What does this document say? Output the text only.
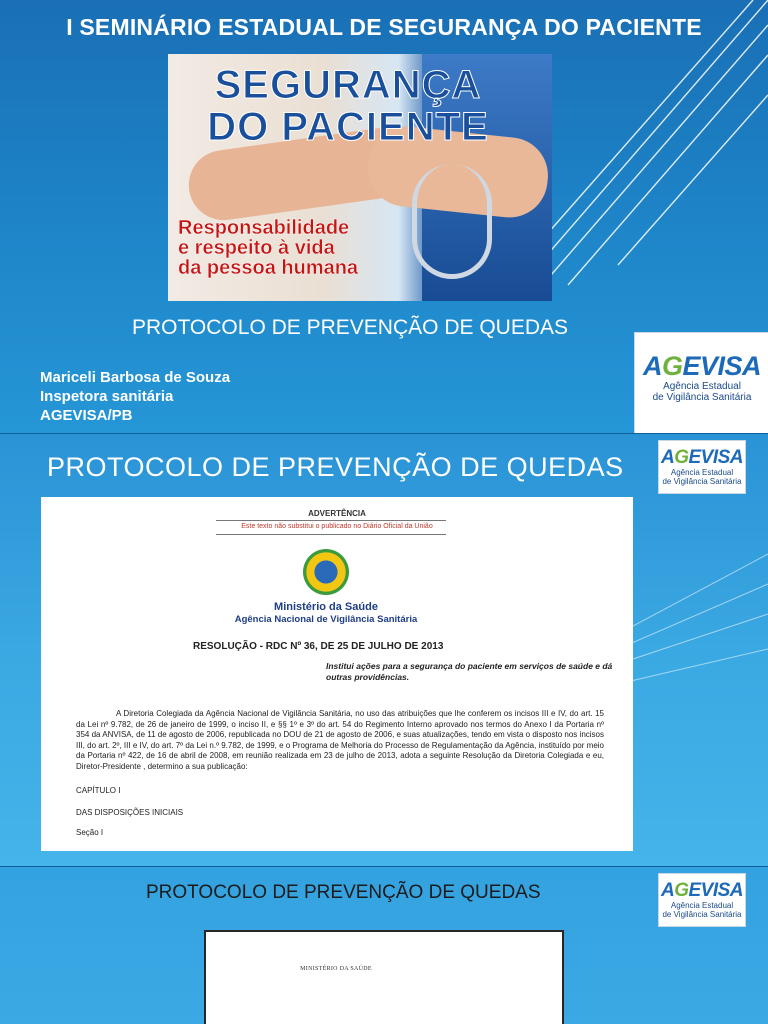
I SEMINÁRIO ESTADUAL DE SEGURANÇA DO PACIENTE
SEGURANÇA
DO PACIENTE
Responsabilidade
e respeito à vida
da pessoa humana
PROTOCOLO DE PREVENÇÃO DE QUEDAS
Mariceli Barbosa de Souza
Inspetora sanitária
AGEVISA/PB
AGEVISA
Agência Estadual
de Vigilância Sanitária
PROTOCOLO DE PREVENÇÃO DE QUEDAS AGEVISA
Agência Estadual
de Vigilância Sanitária
ADVERTÊNCIA
Este texto não substitui o publicado no Diário Oficial da União
Ministério da Saúde
Agência Nacional de Vigilância Sanitária
RESOLUÇÃO - RDC Nº 36, DE 25 DE JULHO DE 2013
Institui ações para a segurança do paciente em serviços de saúde e dá outras providências.
A Diretoria Colegiada da Agência Nacional de Vigilância Sanitária, no uso das atribuições que lhe conferem os incisos III e IV, do art. 15 da Lei nº 9.782, de 26 de janeiro de 1999, o inciso II, e §§ 1º e 3º do art. 54 do Regimento Interno aprovado nos termos do Anexo I da Portaria nº 354 da ANVISA, de 11 de agosto de 2006, republicada no DOU de 21 de agosto de 2006, e suas atualizações, tendo em vista o disposto nos incisos III, do art. 2º, III e IV, do art. 7º da Lei n.º 9.782, de 1999, e o Programa de Melhoria do Processo de Regulamentação da Agência, instituído por meio da Portaria nº 422, de 16 de abril de 2008, em reunião realizada em 23 de julho de 2013, adota a seguinte Resolução da Diretoria Colegiada e eu, Diretor-Presidente , determino a sua publicação:
CAPÍTULO I
DAS DISPOSIÇÕES INICIAIS
Seção I
PROTOCOLO DE PREVENÇÃO DE QUEDAS	AGEVISA
Agência Estadual
de Vigilância Sanitária
MINISTÉRIO DA SAÚDE
